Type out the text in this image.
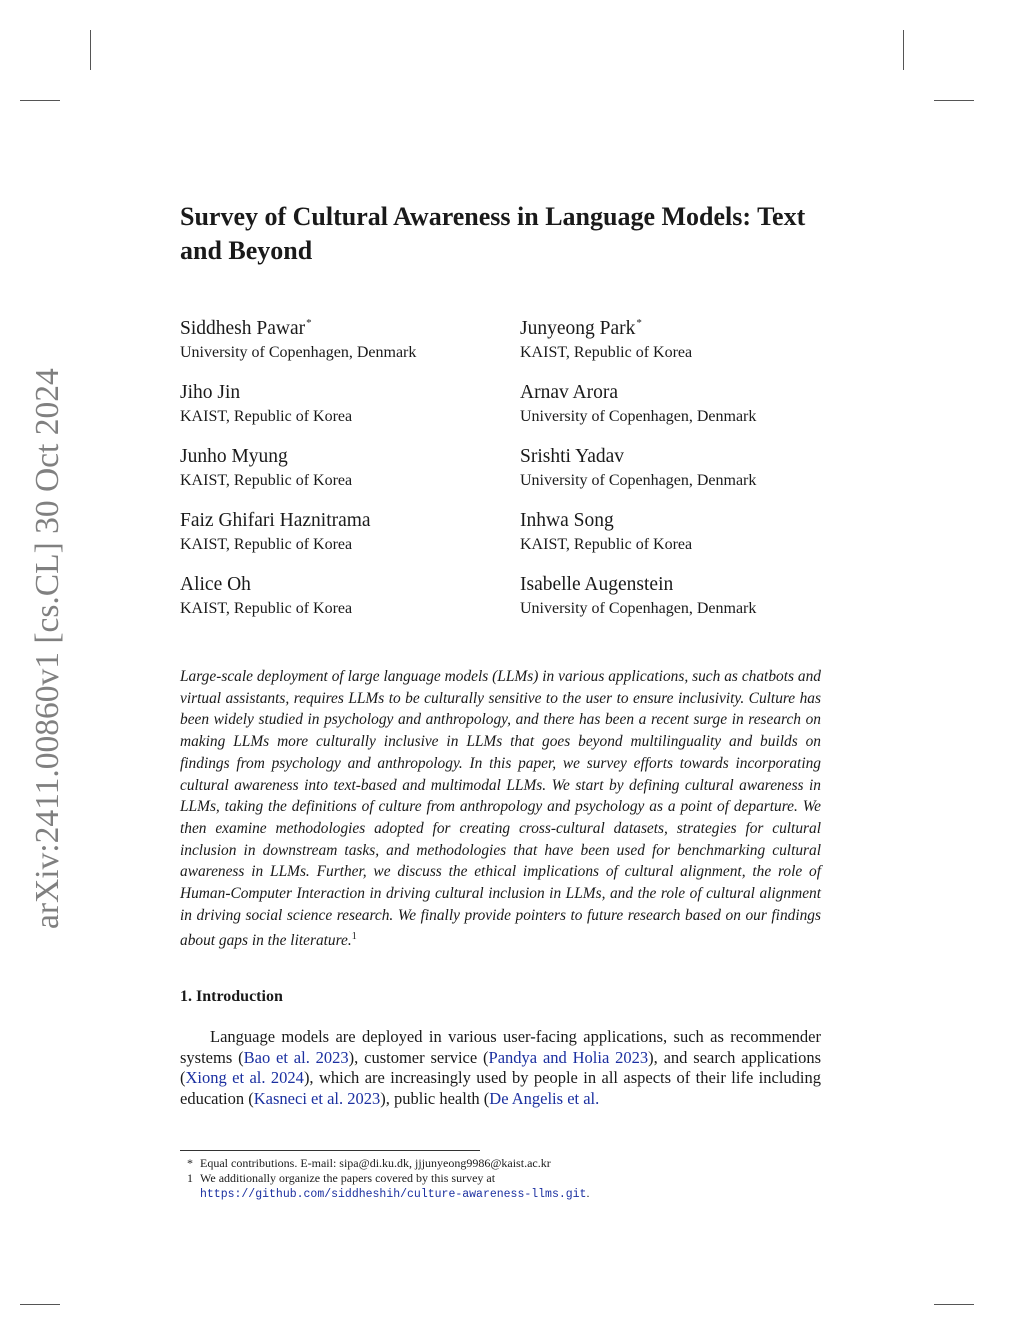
arXiv:2411.00860v1 [cs.CL] 30 Oct 2024
Survey of Cultural Awareness in Language Models: Text and Beyond
Siddhesh Pawar*
University of Copenhagen, Denmark
Junyeong Park*
KAIST, Republic of Korea
Jiho Jin
KAIST, Republic of Korea
Arnav Arora
University of Copenhagen, Denmark
Junho Myung
KAIST, Republic of Korea
Srishti Yadav
University of Copenhagen, Denmark
Faiz Ghifari Haznitrama
KAIST, Republic of Korea
Inhwa Song
KAIST, Republic of Korea
Alice Oh
KAIST, Republic of Korea
Isabelle Augenstein
University of Copenhagen, Denmark

Large-scale deployment of large language models (LLMs) in various applications, such as chatbots and virtual assistants, requires LLMs to be culturally sensitive to the user to ensure inclusivity. Culture has been widely studied in psychology and anthropology, and there has been a recent surge in research on making LLMs more culturally inclusive in LLMs that goes beyond multilinguality and builds on findings from psychology and anthropology. In this paper, we survey efforts towards incorporating cultural awareness into text-based and multimodal LLMs. We start by defining cultural awareness in LLMs, taking the definitions of culture from anthropology and psychology as a point of departure. We then examine methodologies adopted for creating cross-cultural datasets, strategies for cultural inclusion in downstream tasks, and methodologies that have been used for benchmarking cultural awareness in LLMs. Further, we discuss the ethical implications of cultural alignment, the role of Human-Computer Interaction in driving cultural inclusion in LLMs, and the role of cultural alignment in driving social science research. We finally provide pointers to future research based on our findings about gaps in the literature.$^1$

1. Introduction

Language models are deployed in various user-facing applications, such as recommender systems (Bao et al. 2023), customer service (Pandya and Holia 2023), and search applications (Xiong et al. 2024), which are increasingly used by people in all aspects of their life including education (Kasneci et al. 2023), public health (De Angelis et al.

* Equal contributions. E-mail: sipa@di.ku.dk, jjjunyeong9986@kaist.ac.kr
1 We additionally organize the papers covered by this survey at
https://github.com/siddheshih/culture-awareness-llms.git.
